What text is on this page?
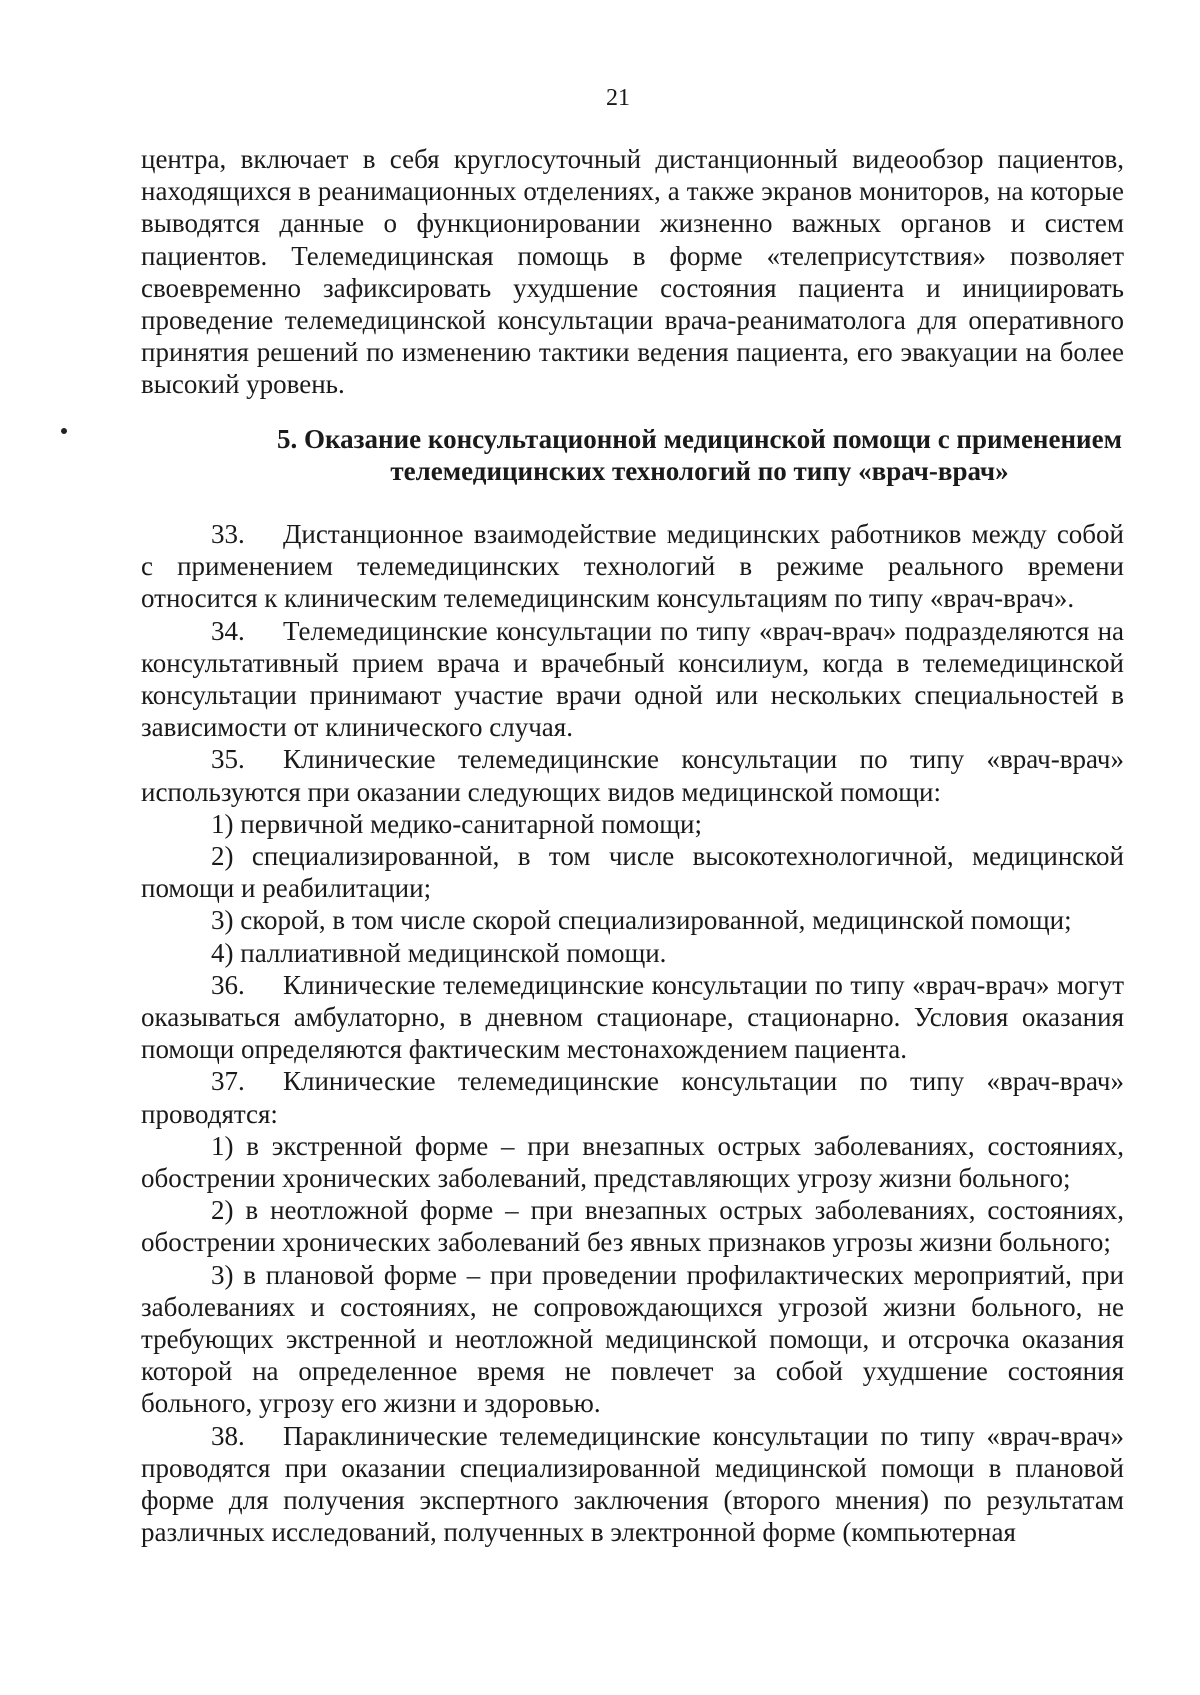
21

центра, включает в себя круглосуточный дистанционный видеообзор пациентов, находящихся в реанимационных отделениях, а также экранов мониторов, на которые выводятся данные о функционировании жизненно важных органов и систем пациентов. Телемедицинская помощь в форме «телеприсутствия» позволяет своевременно зафиксировать ухудшение состояния пациента и инициировать проведение телемедицинской консультации врача-реаниматолога для оперативного принятия решений по изменению тактики ведения пациента, его эвакуации на более высокий уровень.

5. Оказание консультационной медицинской помощи с применением
телемедицинских технологий по типу «врач-врач»

33. Дистанционное взаимодействие медицинских работников между собой с применением телемедицинских технологий в режиме реального времени относится к клиническим телемедицинским консультациям по типу «врач-врач».

34. Телемедицинские консультации по типу «врач-врач» подразделяются на консультативный прием врача и врачебный консилиум, когда в телемедицинской консультации принимают участие врачи одной или нескольких специальностей в зависимости от клинического случая.

35. Клинические телемедицинские консультации по типу «врач-врач» используются при оказании следующих видов медицинской помощи:

1) первичной медико-санитарной помощи;

2) специализированной, в том числе высокотехнологичной, медицинской помощи и реабилитации;

3) скорой, в том числе скорой специализированной, медицинской помощи;

4) паллиативной медицинской помощи.

36. Клинические телемедицинские консультации по типу «врач-врач» могут оказываться амбулаторно, в дневном стационаре, стационарно. Условия оказания помощи определяются фактическим местонахождением пациента.

37. Клинические телемедицинские консультации по типу «врач-врач» проводятся:

1) в экстренной форме – при внезапных острых заболеваниях, состояниях, обострении хронических заболеваний, представляющих угрозу жизни больного;

2) в неотложной форме – при внезапных острых заболеваниях, состояниях, обострении хронических заболеваний без явных признаков угрозы жизни больного;

3) в плановой форме – при проведении профилактических мероприятий, при заболеваниях и состояниях, не сопровождающихся угрозой жизни больного, не требующих экстренной и неотложной медицинской помощи, и отсрочка оказания которой на определенное время не повлечет за собой ухудшение состояния больного, угрозу его жизни и здоровью.

38. Параклинические телемедицинские консультации по типу «врач-врач» проводятся при оказании специализированной медицинской помощи в плановой форме для получения экспертного заключения (второго мнения) по результатам различных исследований, полученных в электронной форме (компьютерная
